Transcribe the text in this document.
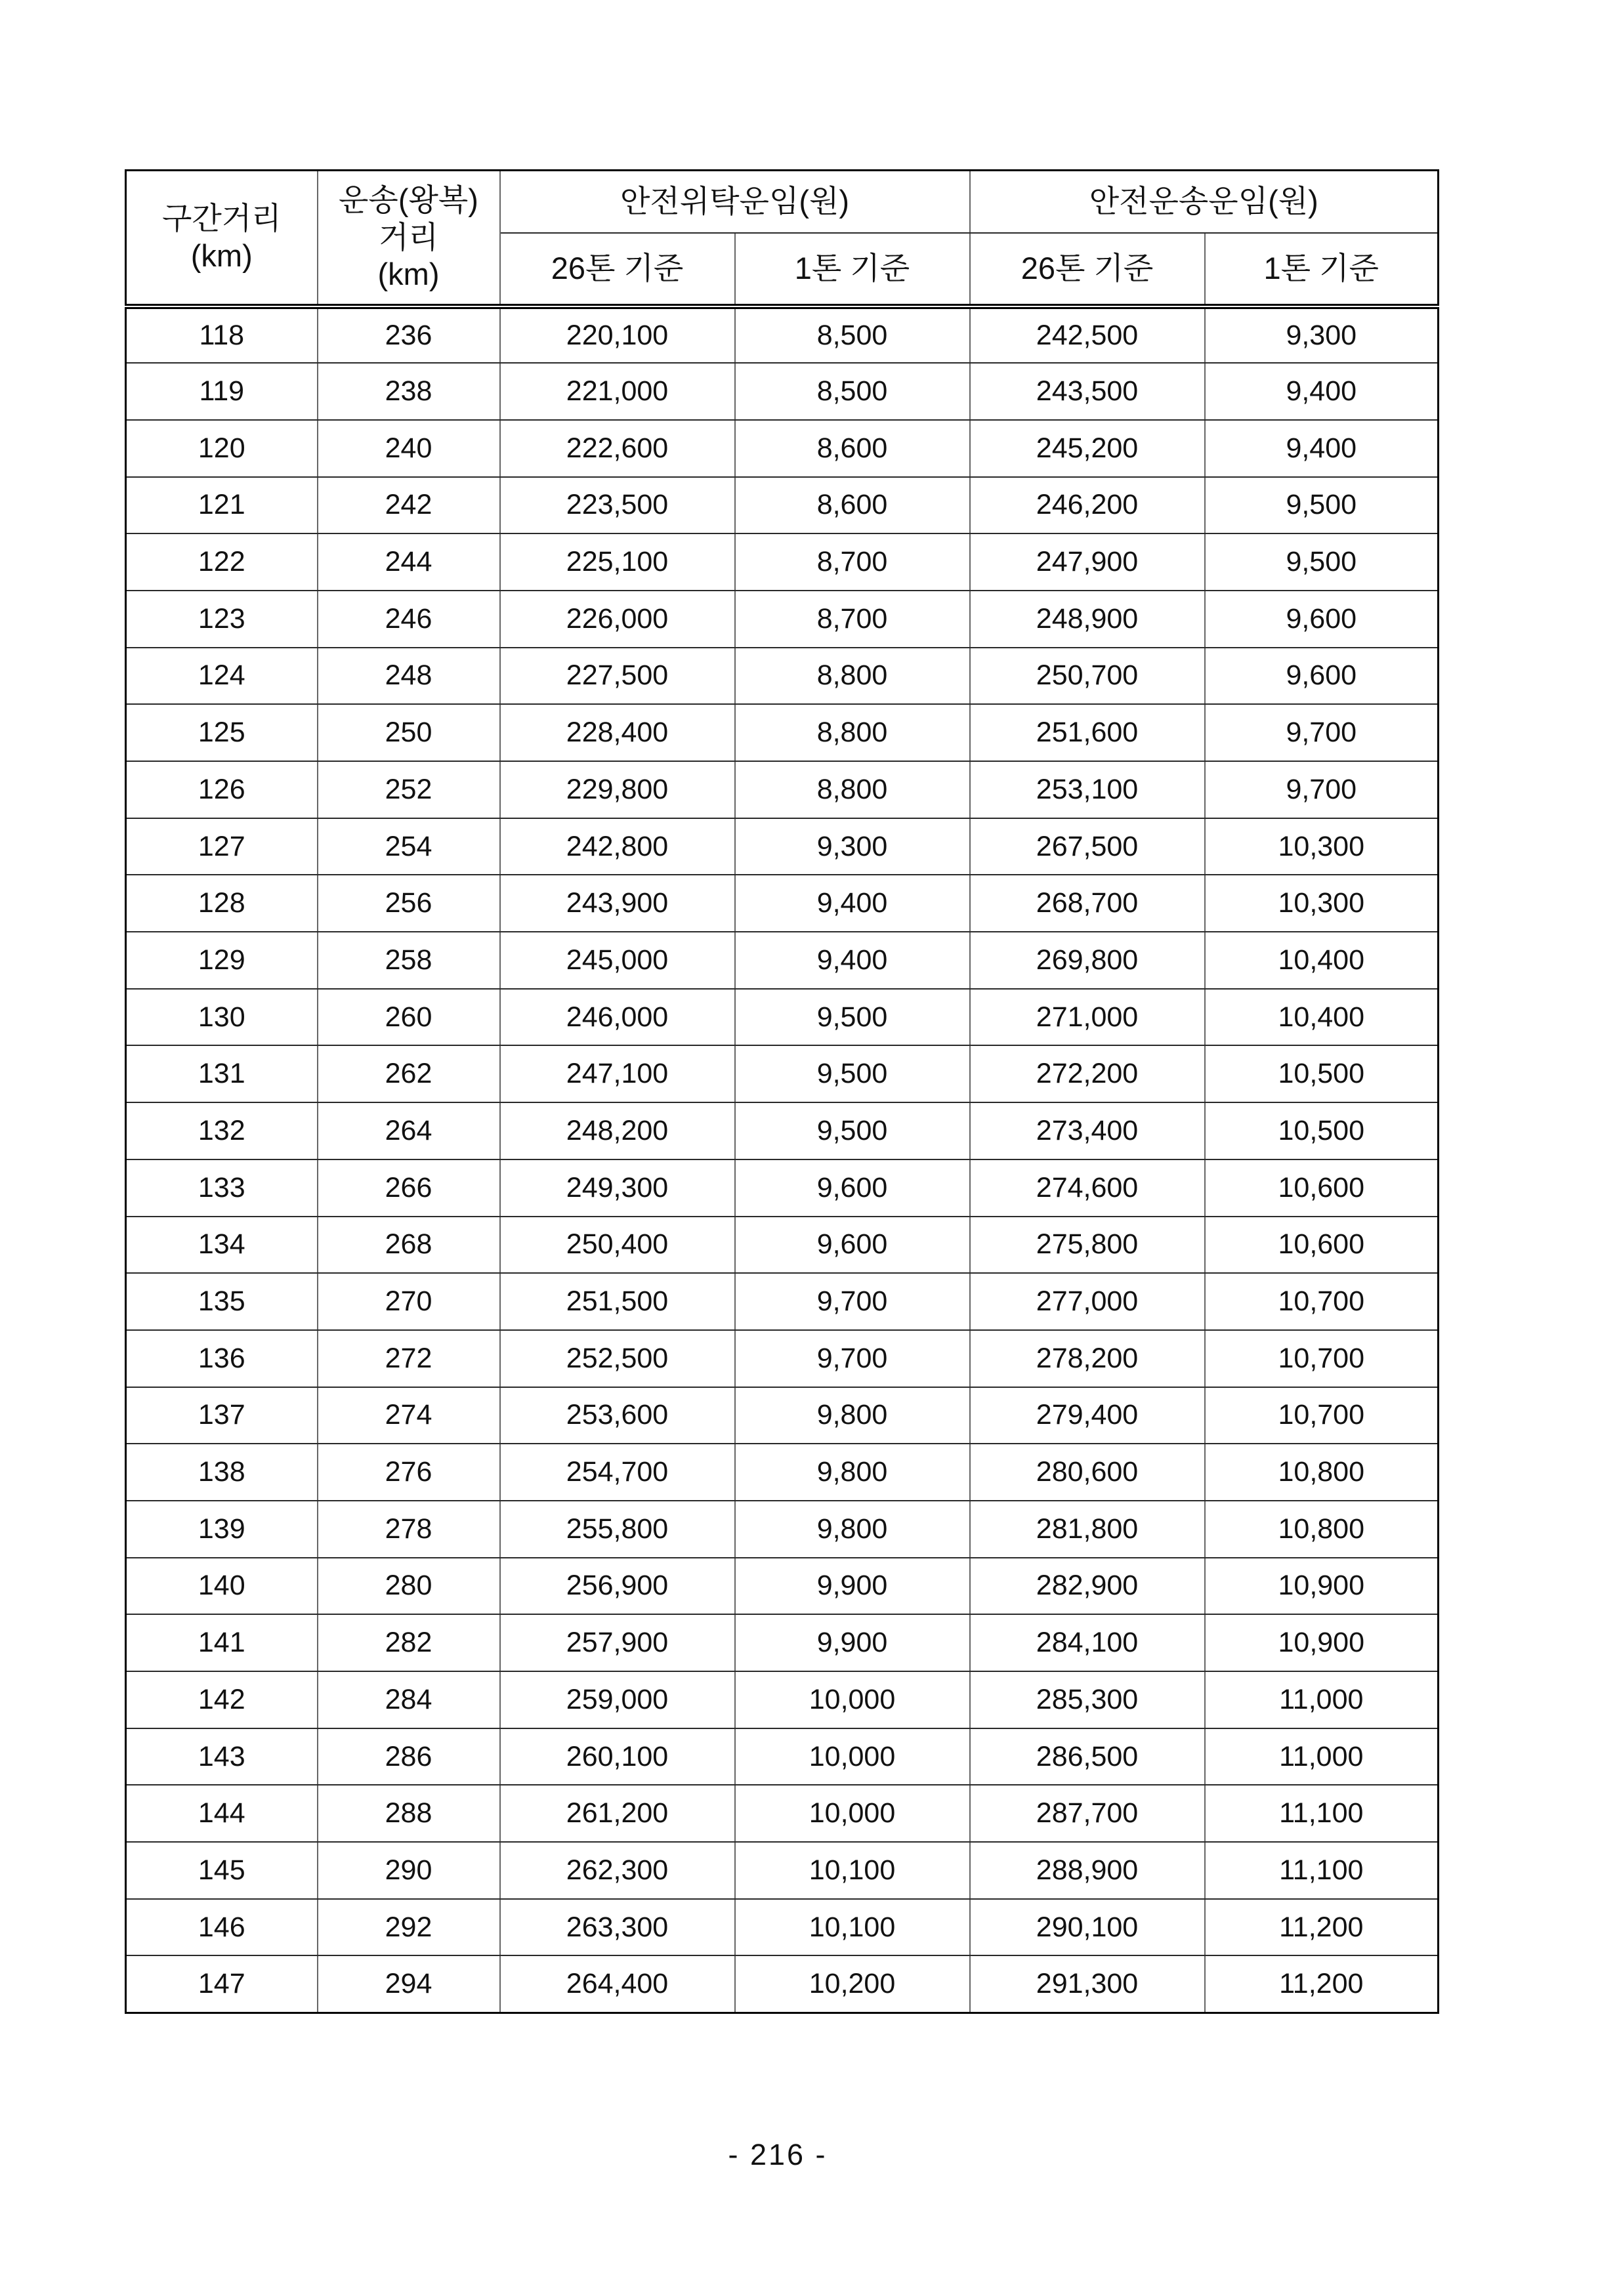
구간거리
(km)	운송(왕복)
거리
(km)	안전위탁운임(원)		안전운송운임(원)	
		26톤 기준	1톤 기준	26톤 기준	1톤 기준
118	236	220,100	8,500	242,500	9,300
119	238	221,000	8,500	243,500	9,400
120	240	222,600	8,600	245,200	9,400
121	242	223,500	8,600	246,200	9,500
122	244	225,100	8,700	247,900	9,500
123	246	226,000	8,700	248,900	9,600
124	248	227,500	8,800	250,700	9,600
125	250	228,400	8,800	251,600	9,700
126	252	229,800	8,800	253,100	9,700
127	254	242,800	9,300	267,500	10,300
128	256	243,900	9,400	268,700	10,300
129	258	245,000	9,400	269,800	10,400
130	260	246,000	9,500	271,000	10,400
131	262	247,100	9,500	272,200	10,500
132	264	248,200	9,500	273,400	10,500
133	266	249,300	9,600	274,600	10,600
134	268	250,400	9,600	275,800	10,600
135	270	251,500	9,700	277,000	10,700
136	272	252,500	9,700	278,200	10,700
137	274	253,600	9,800	279,400	10,700
138	276	254,700	9,800	280,600	10,800
139	278	255,800	9,800	281,800	10,800
140	280	256,900	9,900	282,900	10,900
141	282	257,900	9,900	284,100	10,900
142	284	259,000	10,000	285,300	11,000
143	286	260,100	10,000	286,500	11,000
144	288	261,200	10,000	287,700	11,100
145	290	262,300	10,100	288,900	11,100
146	292	263,300	10,100	290,100	11,200
147	294	264,400	10,200	291,300	11,200
- 216 -
